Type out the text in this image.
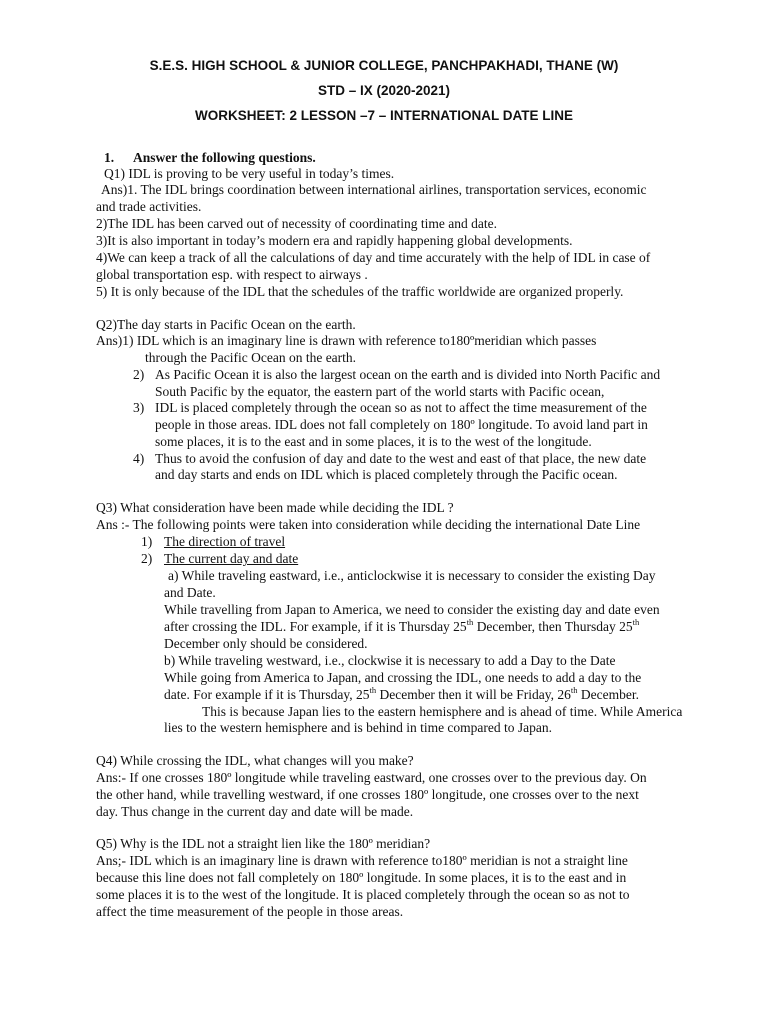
S.E.S. HIGH SCHOOL & JUNIOR COLLEGE, PANCHPAKHADI, THANE (W)
STD – IX (2020-2021)
WORKSHEET: 2 LESSON –7 – INTERNATIONAL DATE LINE
1. Answer the following questions.
Q1) IDL is proving to be very useful in today’s times.
Ans)1. The IDL brings coordination between international airlines, transportation services, economic
and trade activities.
2)The IDL has been carved out of necessity of coordinating time and date.
3)It is also important in today’s modern era and rapidly happening global developments.
4)We can keep a track of all the calculations of day and time accurately with the help of IDL in case of
global transportation esp. with respect to airways .
5) It is only because of the IDL that the schedules of the traffic worldwide are organized properly.
Q2)The day starts in Pacific Ocean on the earth.
Ans)1) IDL which is an imaginary line is drawn with reference to180ºmeridian which passes
through the Pacific Ocean on the earth.
2) As Pacific Ocean it is also the largest ocean on the earth and is divided into North Pacific and
South Pacific by the equator, the eastern part of the world starts with Pacific ocean,
3) IDL is placed completely through the ocean so as not to affect the time measurement of the
people in those areas. IDL does not fall completely on 180º longitude. To avoid land part in
some places, it is to the east and in some places, it is to the west of the longitude.
4) Thus to avoid the confusion of day and date to the west and east of that place, the new date
and day starts and ends on IDL which is placed completely through the Pacific ocean.
Q3) What consideration have been made while deciding the IDL ?
Ans :- The following points were taken into consideration while deciding the international Date Line
1) The direction of travel
2) The current day and date
a) While traveling eastward, i.e., anticlockwise it is necessary to consider the existing Day
and Date.
While travelling from Japan to America, we need to consider the existing day and date even
after crossing the IDL. For example, if it is Thursday 25th December, then Thursday 25th
December only should be considered.
b) While traveling westward, i.e., clockwise it is necessary to add a Day to the Date
While going from America to Japan, and crossing the IDL, one needs to add a day to the
date. For example if it is Thursday, 25th December then it will be Friday, 26th December.
This is because Japan lies to the eastern hemisphere and is ahead of time. While America
lies to the western hemisphere and is behind in time compared to Japan.
Q4) While crossing the IDL, what changes will you make?
Ans:- If one crosses 180º longitude while traveling eastward, one crosses over to the previous day. On
the other hand, while travelling westward, if one crosses 180º longitude, one crosses over to the next
day. Thus change in the current day and date will be made.
Q5) Why is the IDL not a straight lien like the 180º meridian?
Ans;- IDL which is an imaginary line is drawn with reference to180º meridian is not a straight line
because this line does not fall completely on 180º longitude. In some places, it is to the east and in
some places it is to the west of the longitude. It is placed completely through the ocean so as not to
affect the time measurement of the people in those areas.
